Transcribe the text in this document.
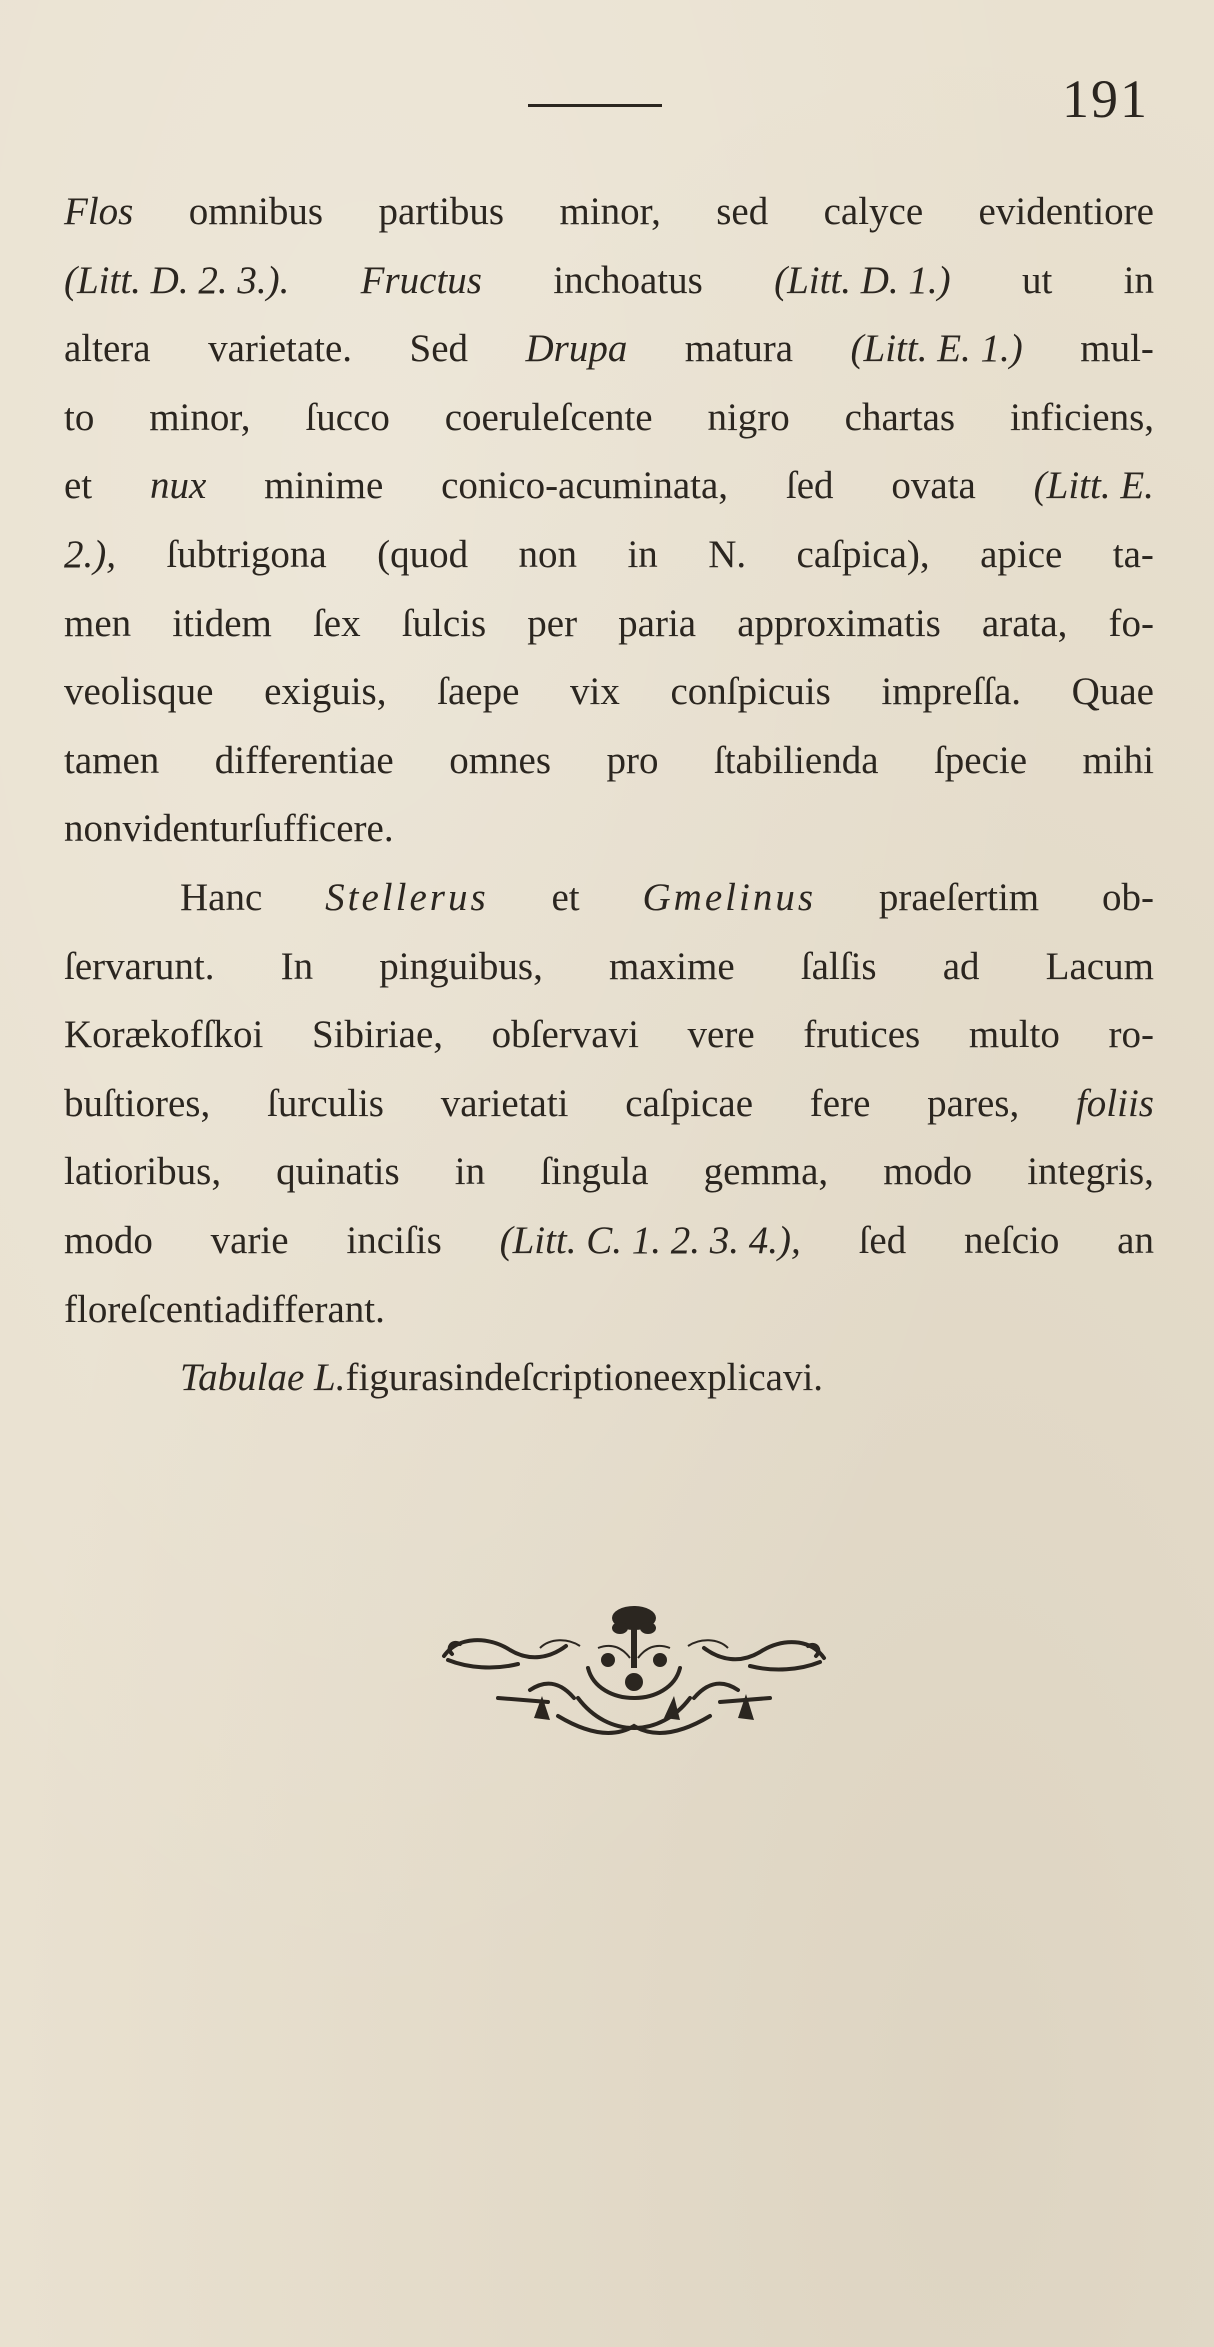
191
Flos omnibus partibus minor, sed calyce evidentiore
(Litt. D. 2. 3.). Fructus inchoatus (Litt. D. 1.) ut in
altera varietate. Sed Drupa matura (Litt. E. 1.) mul-
to minor, ſucco coeruleſcente nigro chartas inficiens,
et nux minime conico-acuminata, ſed ovata (Litt. E.
2.), ſubtrigona (quod non in N. caſpica), apice ta-
men itidem ſex ſulcis per paria approximatis arata, fo-
veolisque exiguis, ſaepe vix conſpicuis impreſſa. Quae
tamen differentiae omnes pro ſtabilienda ſpecie mihi
non videntur ſufficere.
Hanc Stellerus et Gmelinus praeſertim ob-
ſervarunt. In pinguibus, maxime ſalſis ad Lacum
Korækofſkoi Sibiriae, obſervavi vere frutices multo ro-
buſtiores, ſurculis varietati caſpicae fere pares, foliis
latioribus, quinatis in ſingula gemma, modo integris,
modo varie inciſis (Litt. C. 1. 2. 3. 4.), ſed neſcio an
floreſcentia differant.
Tabulae L. figuras in deſcriptione explicavi.
